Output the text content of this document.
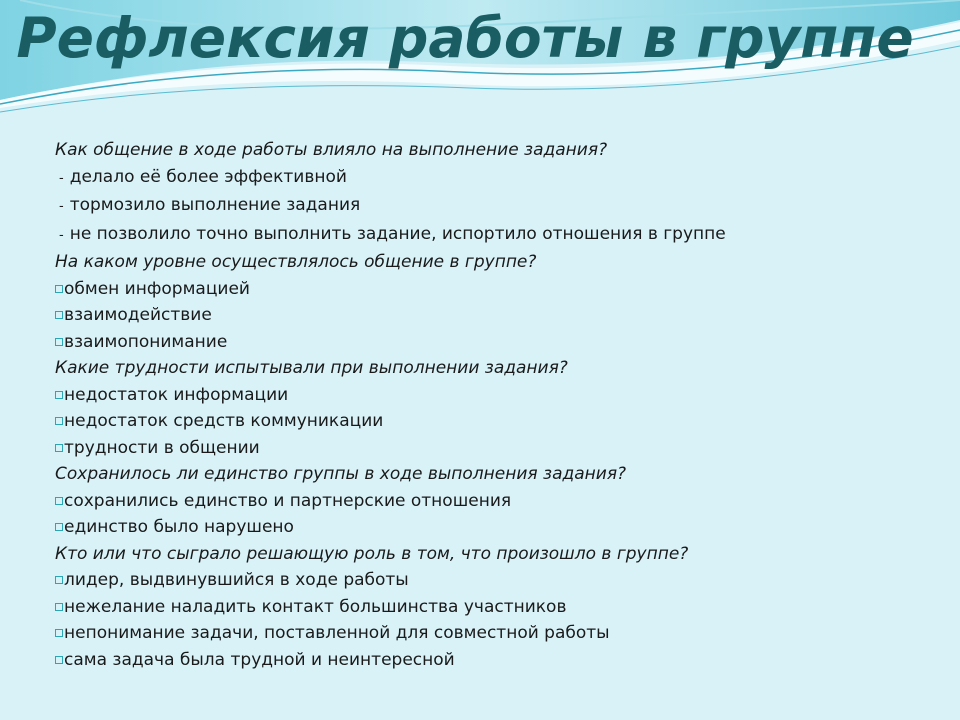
Рефлексия работы в группе
Как общение в ходе работы влияло на выполнение задания?
- делало её более эффективной
- тормозило выполнение задания
- не позволило точно выполнить задание, испортило отношения в группе
На каком уровне осуществлялось общение в группе?
обмен информацией
взаимодействие
взаимопонимание
Какие трудности испытывали при выполнении задания?
недостаток информации
недостаток средств коммуникации
трудности в общении
Сохранилось ли единство группы в ходе выполнения задания?
сохранились единство и партнерские отношения
единство было нарушено
Кто или что сыграло решающую роль в том, что произошло в группе?
лидер, выдвинувшийся в ходе работы
нежелание наладить контакт большинства участников
непонимание задачи, поставленной для совместной работы
сама задача была трудной и неинтересной
